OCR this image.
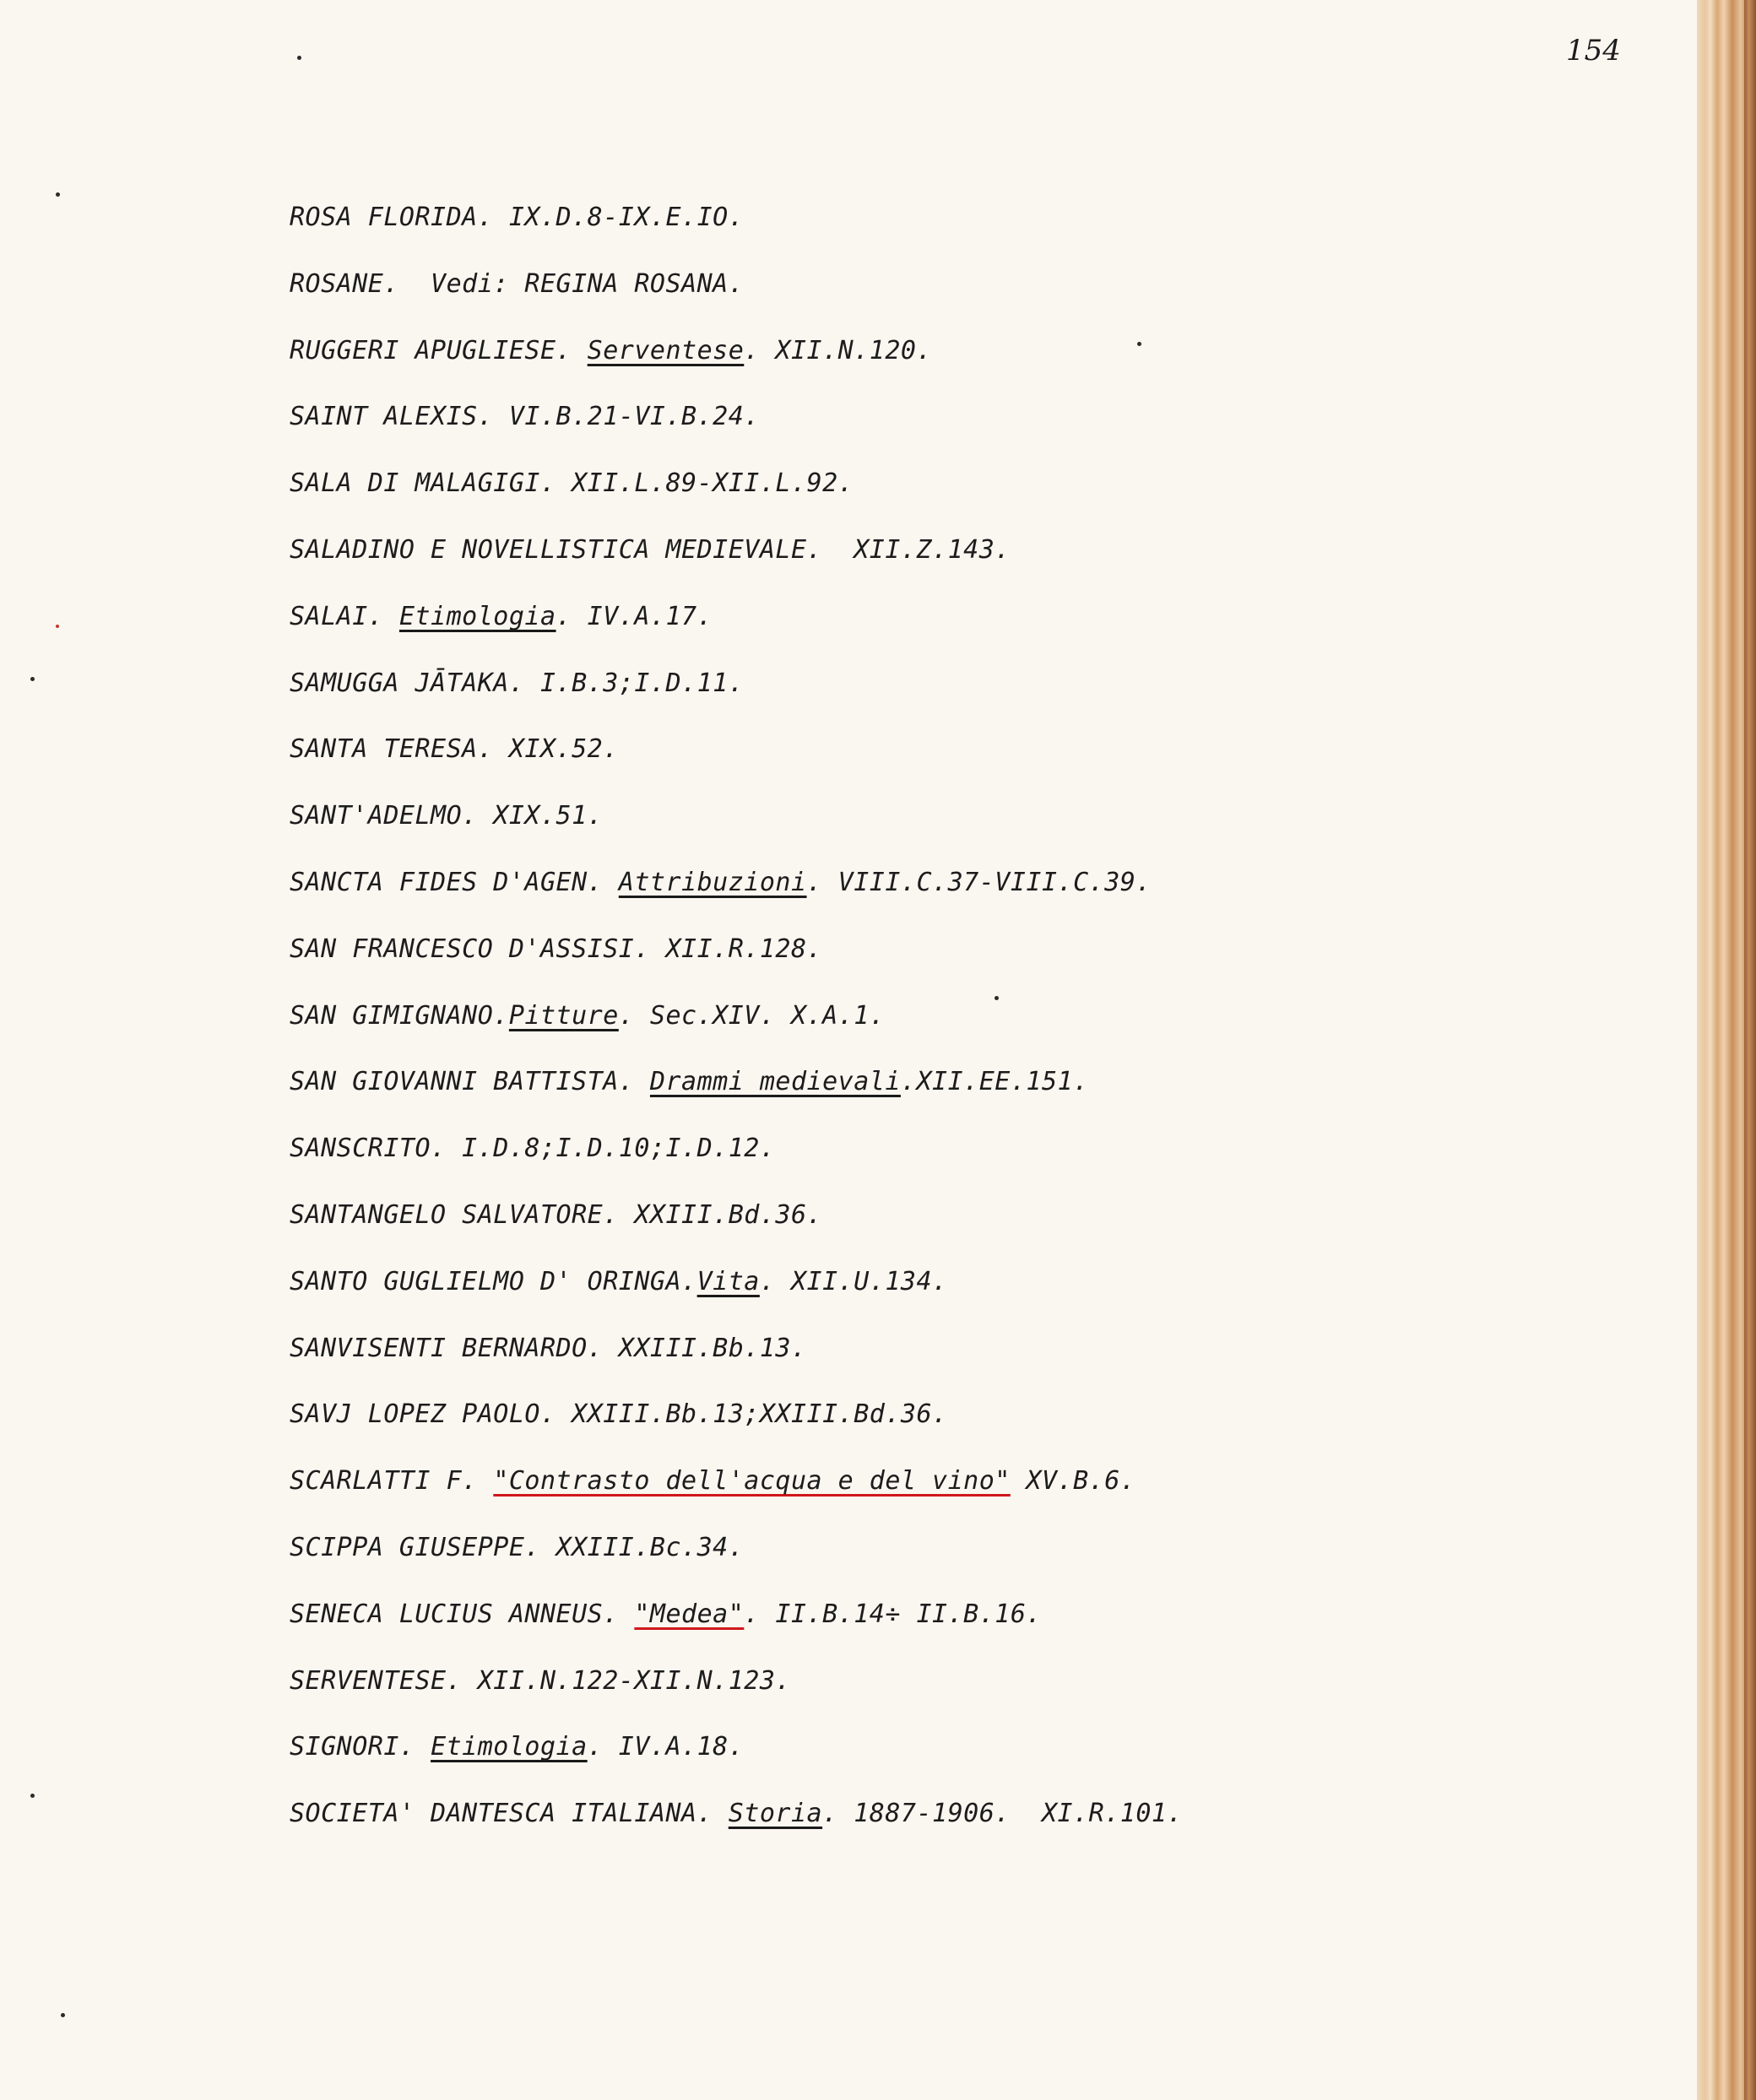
154
ROSA FLORIDA. IX.D.8-IX.E.IO.
ROSANE.  Vedi: REGINA ROSANA.
RUGGERI APUGLIESE. Serventese. XII.N.120.
SAINT ALEXIS. VI.B.21-VI.B.24.
SALA DI MALAGIGI. XII.L.89-XII.L.92.
SALADINO E NOVELLISTICA MEDIEVALE.  XII.Z.143.
SALAI. Etimologia. IV.A.17.
SAMUGGA JĀTAKA. I.B.3;I.D.11.
SANTA TERESA. XIX.52.
SANT'ADELMO. XIX.51.
SANCTA FIDES D'AGEN. Attribuzioni. VIII.C.37-VIII.C.39.
SAN FRANCESCO D'ASSISI. XII.R.128.
SAN GIMIGNANO.Pitture. Sec.XIV. X.A.1.
SAN GIOVANNI BATTISTA. Drammi medievali.XII.EE.151.
SANSCRITO. I.D.8;I.D.10;I.D.12.
SANTANGELO SALVATORE. XXIII.Bd.36.
SANTO GUGLIELMO D' ORINGA.Vita. XII.U.134.
SANVISENTI BERNARDO. XXIII.Bb.13.
SAVJ LOPEZ PAOLO. XXIII.Bb.13;XXIII.Bd.36.
SCARLATTI F. "Contrasto dell'acqua e del vino" XV.B.6.
SCIPPA GIUSEPPE. XXIII.Bc.34.
SENECA LUCIUS ANNEUS. "Medea". II.B.14÷ II.B.16.
SERVENTESE. XII.N.122-XII.N.123.
SIGNORI. Etimologia. IV.A.18.
SOCIETA' DANTESCA ITALIANA. Storia. 1887-1906.  XI.R.101.
